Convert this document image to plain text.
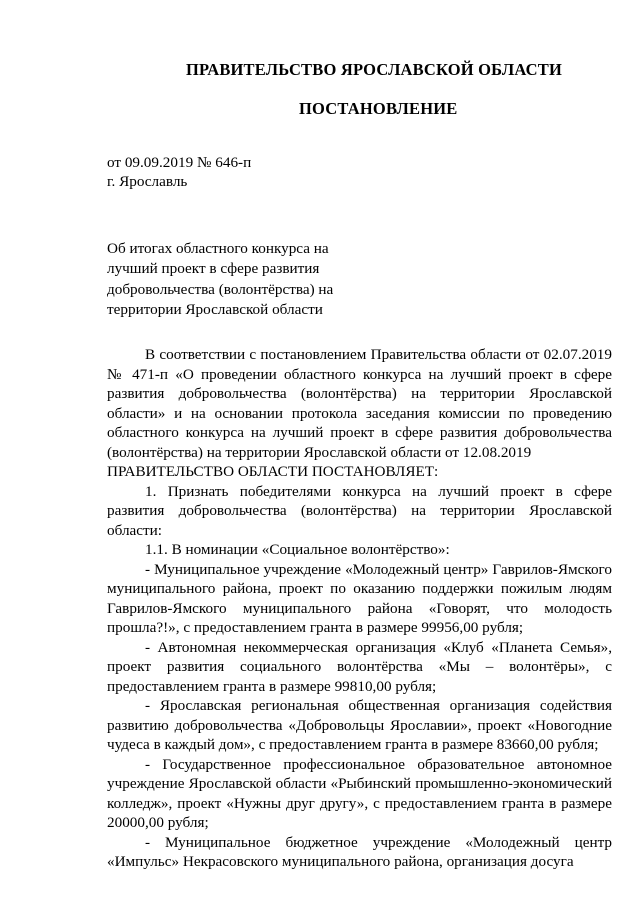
ПРАВИТЕЛЬСТВО ЯРОСЛАВСКОЙ ОБЛАСТИ
ПОСТАНОВЛЕНИЕ
от 09.09.2019 № 646-п
г. Ярославль
Об итогах областного конкурса на
лучший проект в сфере развития
добровольчества (волонтёрства) на
территории Ярославской области

В соответствии с постановлением Правительства области от 02.07.2019 № 471-п «О проведении областного конкурса на лучший проект в сфере развития добровольчества (волонтёрства) на территории Ярославской области» и на основании протокола заседания комиссии по проведению областного конкурса на лучший проект в сфере развития добровольчества (волонтёрства) на территории Ярославской области от 12.08.2019

ПРАВИТЕЛЬСТВО ОБЛАСТИ ПОСТАНОВЛЯЕТ:

1. Признать победителями конкурса на лучший проект в сфере развития добровольчества (волонтёрства) на территории Ярославской области:

1.1. В номинации «Социальное волонтёрство»:

- Муниципальное учреждение «Молодежный центр» Гаврилов-Ямского муниципального района, проект по оказанию поддержки пожилым людям Гаврилов-Ямского муниципального района «Говорят, что молодость прошла?!», с предоставлением гранта в размере 99956,00 рубля;

- Автономная некоммерческая организация «Клуб «Планета Семья», проект развития социального волонтёрства «Мы – волонтёры», с предоставлением гранта в размере 99810,00 рубля;

- Ярославская региональная общественная организация содействия развитию добровольчества «Добровольцы Ярославии», проект «Новогодние чудеса в каждый дом», с предоставлением гранта в размере 83660,00 рубля;

- Государственное профессиональное образовательное автономное учреждение Ярославской области «Рыбинский промышленно-экономический колледж», проект «Нужны друг другу», с предоставлением гранта в размере 20000,00 рубля;

- Муниципальное бюджетное учреждение «Молодежный центр «Импульс» Некрасовского муниципального района, организация досуга
